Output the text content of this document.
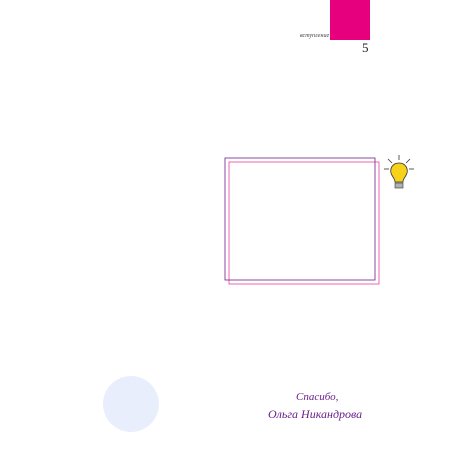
вступление
5
Спасибо,
Ольга Никандрова
